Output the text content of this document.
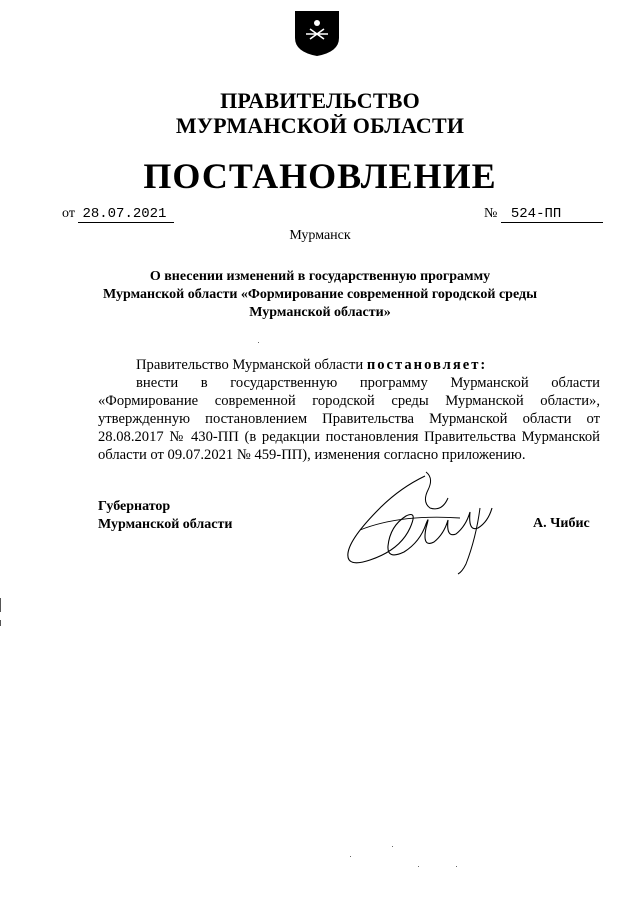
ПРАВИТЕЛЬСТВО
МУРМАНСКОЙ ОБЛАСТИ
ПОСТАНОВЛЕНИЕ
от 28.07.2021	№ 524-ПП
Мурманск
О внесении изменений в государственную программу
Мурманской области «Формирование современной городской среды
Мурманской области»

Правительство Мурманской области постановляет:

внести в государственную программу Мурманской области «Формирование современной городской среды Мурманской области», утвержденную постановлением Правительства Мурманской области от 28.08.2017 № 430-ПП (в редакции постановления Правительства Мурманской области от 09.07.2021 № 459-ПП), изменения согласно приложению.

Губернатор
Мурманской области	А. Чибис
